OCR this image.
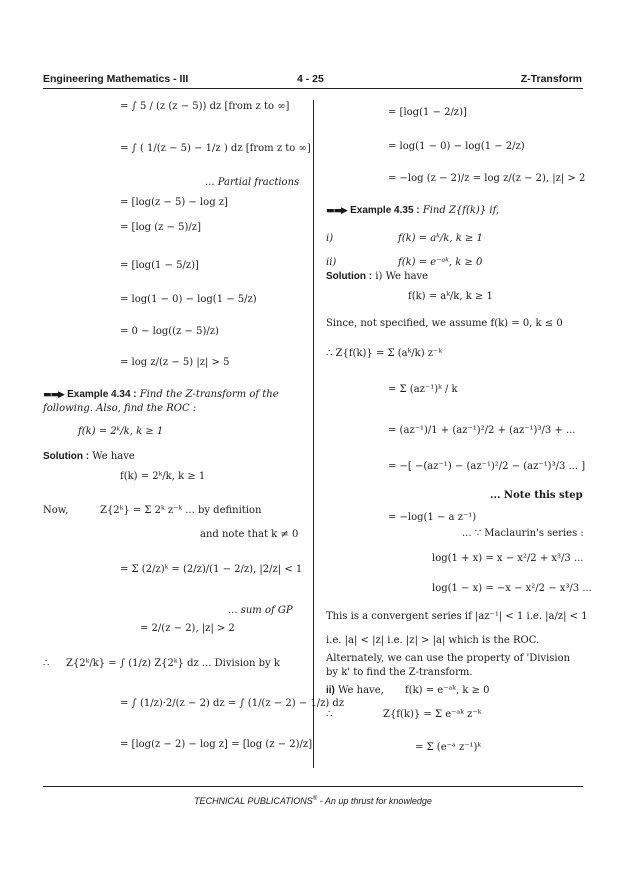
Engineering Mathematics - III	4 - 25	Z-Transform
= ∫ 5 / (z (z − 5)) dz [from z to ∞]
= ∫ ( 1/(z − 5) − 1/z ) dz [from z to ∞]
... Partial fractions
= [log(z − 5) − log z]
= [log (z − 5)/z]
= [log(1 − 5/z)]
= log(1 − 0) − log(1 − 5/z)
= 0 − log((z − 5)/z)
= log z/(z − 5) |z| > 5
▬▬▶ Example 4.34 : Find the Z-transform of the
following. Also, find the ROC :
f(k) = 2ᵏ/k, k ≥ 1
Solution : We have
f(k) = 2ᵏ/k, k ≥ 1
Now,	Z{2ᵏ} = Σ 2ᵏ z⁻ᵏ ... by definition
and note that k ≠ 0
= Σ (2/z)ᵏ = (2/z)/(1 − 2/z), |2/z| < 1
... sum of GP
= 2/(z − 2), |z| > 2
∴ Z{2ᵏ/k} = ∫ (1/z) Z{2ᵏ} dz ... Division by k
= ∫ (1/z)·2/(z − 2) dz = ∫ (1/(z − 2) − 1/z) dz
= [log(z − 2) − log z] = [log (z − 2)/z]
= [log(1 − 2/z)]
= log(1 − 0) − log(1 − 2/z)
= −log (z − 2)/z = log z/(z − 2), |z| > 2
▬▬▶ Example 4.35 : Find Z{f(k)} if,
i)	f(k) = aᵏ/k, k ≥ 1
ii)	f(k) = e⁻ᵃᵏ, k ≥ 0
Solution : i) We have
f(k) = aᵏ/k, k ≥ 1
Since, not specified, we assume f(k) = 0, k ≤ 0
∴ Z{f(k)} = Σ (aᵏ/k) z⁻ᵏ
= Σ (az⁻¹)ᵏ / k
= (az⁻¹)/1 + (az⁻¹)²/2 + (az⁻¹)³/3 + ...
= −[ −(az⁻¹) − (az⁻¹)²/2 − (az⁻¹)³/3 ... ]
... Note this step
= −log(1 − a z⁻¹)
... ∵ Maclaurin's series :
log(1 + x) = x − x²/2 + x³/3 ...
log(1 − x) = −x − x²/2 − x³/3 ...
This is a convergent series if |az⁻¹| < 1 i.e. |a/z| < 1
i.e. |a| < |z| i.e. |z| > |a| which is the ROC.
Alternately, we can use the property of 'Division
by k' to find the Z-transform.
ii) We have, f(k) = e⁻ᵃᵏ, k ≥ 0
∴	Z{f(k)} = Σ e⁻ᵃᵏ z⁻ᵏ
= Σ (e⁻ᵃ z⁻¹)ᵏ
TECHNICAL PUBLICATIONS® - An up thrust for knowledge
